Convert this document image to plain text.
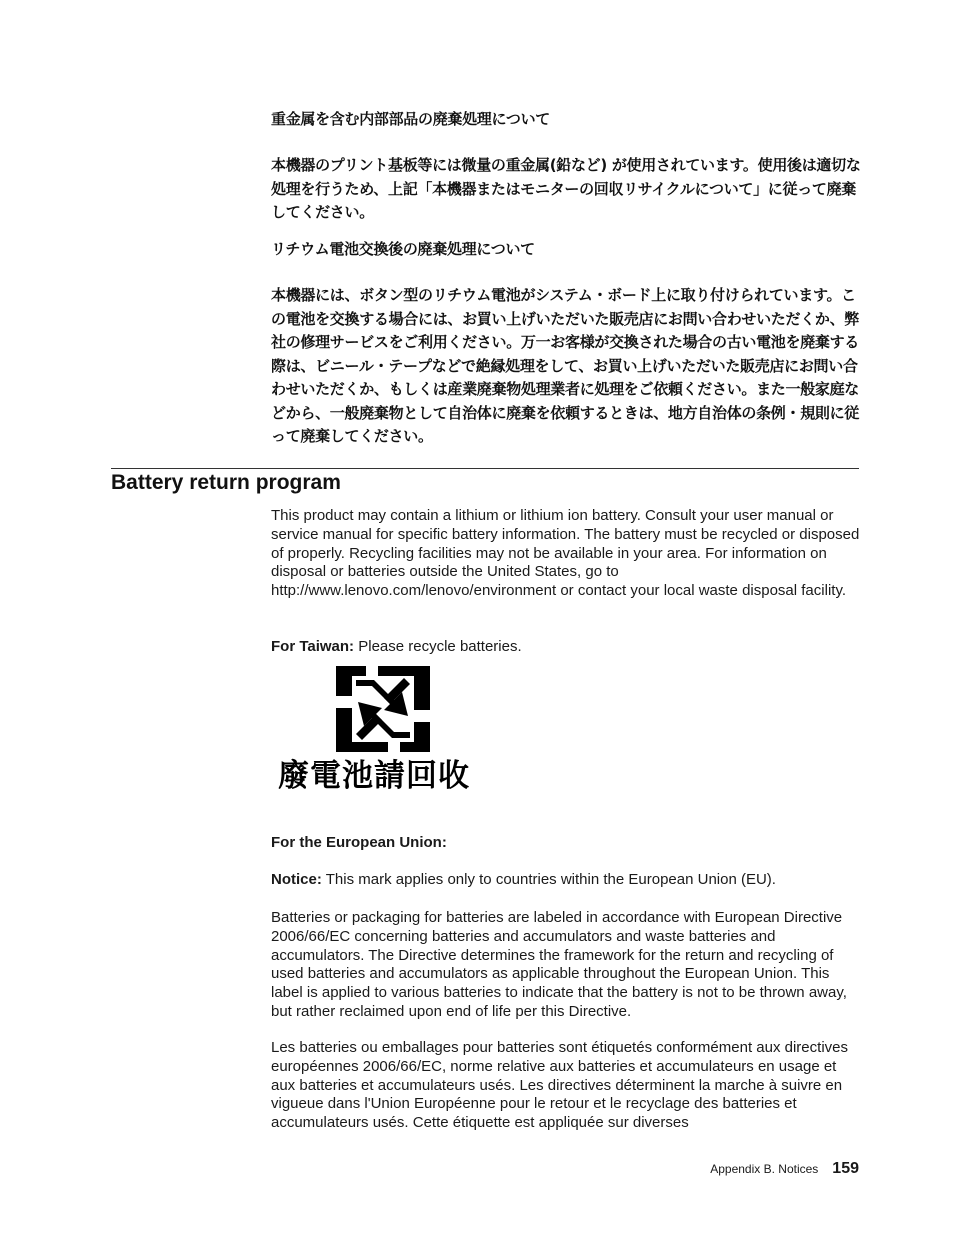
重金属を含む内部部品の廃棄処理について
本機器のプリント基板等には微量の重金属(鉛など) が使用されています。使用後は適切な処理を行うため、上記「本機器またはモニターの回収リサイクルについて」に従って廃棄してください。
リチウム電池交換後の廃棄処理について
本機器には、ボタン型のリチウム電池がシステム・ボード上に取り付けられています。この電池を交換する場合には、お買い上げいただいた販売店にお問い合わせいただくか、弊社の修理サービスをご利用ください。万一お客様が交換された場合の古い電池を廃棄する際は、ビニール・テープなどで絶縁処理をして、お買い上げいただいた販売店にお問い合わせいただくか、もしくは産業廃棄物処理業者に処理をご依頼ください。また一般家庭などから、一般廃棄物として自治体に廃棄を依頼するときは、地方自治体の条例・規則に従って廃棄してください。
Battery return program
This product may contain a lithium or lithium ion battery. Consult your user manual or service manual for specific battery information. The battery must be recycled or disposed of properly. Recycling facilities may not be available in your area. For information on disposal or batteries outside the United States, go to http://www.lenovo.com/lenovo/environment or contact your local waste disposal facility.
For Taiwan: Please recycle batteries.
廢電池請回收
For the European Union:
Notice: This mark applies only to countries within the European Union (EU).
Batteries or packaging for batteries are labeled in accordance with European Directive 2006/66/EC concerning batteries and accumulators and waste batteries and accumulators. The Directive determines the framework for the return and recycling of used batteries and accumulators as applicable throughout the European Union. This label is applied to various batteries to indicate that the battery is not to be thrown away, but rather reclaimed upon end of life per this Directive.
Les batteries ou emballages pour batteries sont étiquetés conformément aux directives européennes 2006/66/EC, norme relative aux batteries et accumulateurs en usage et aux batteries et accumulateurs usés. Les directives déterminent la marche à suivre en vigueue dans l'Union Européenne pour le retour et le recyclage des batteries et accumulateurs usés. Cette étiquette est appliquée sur diverses
Appendix B. Notices 159
